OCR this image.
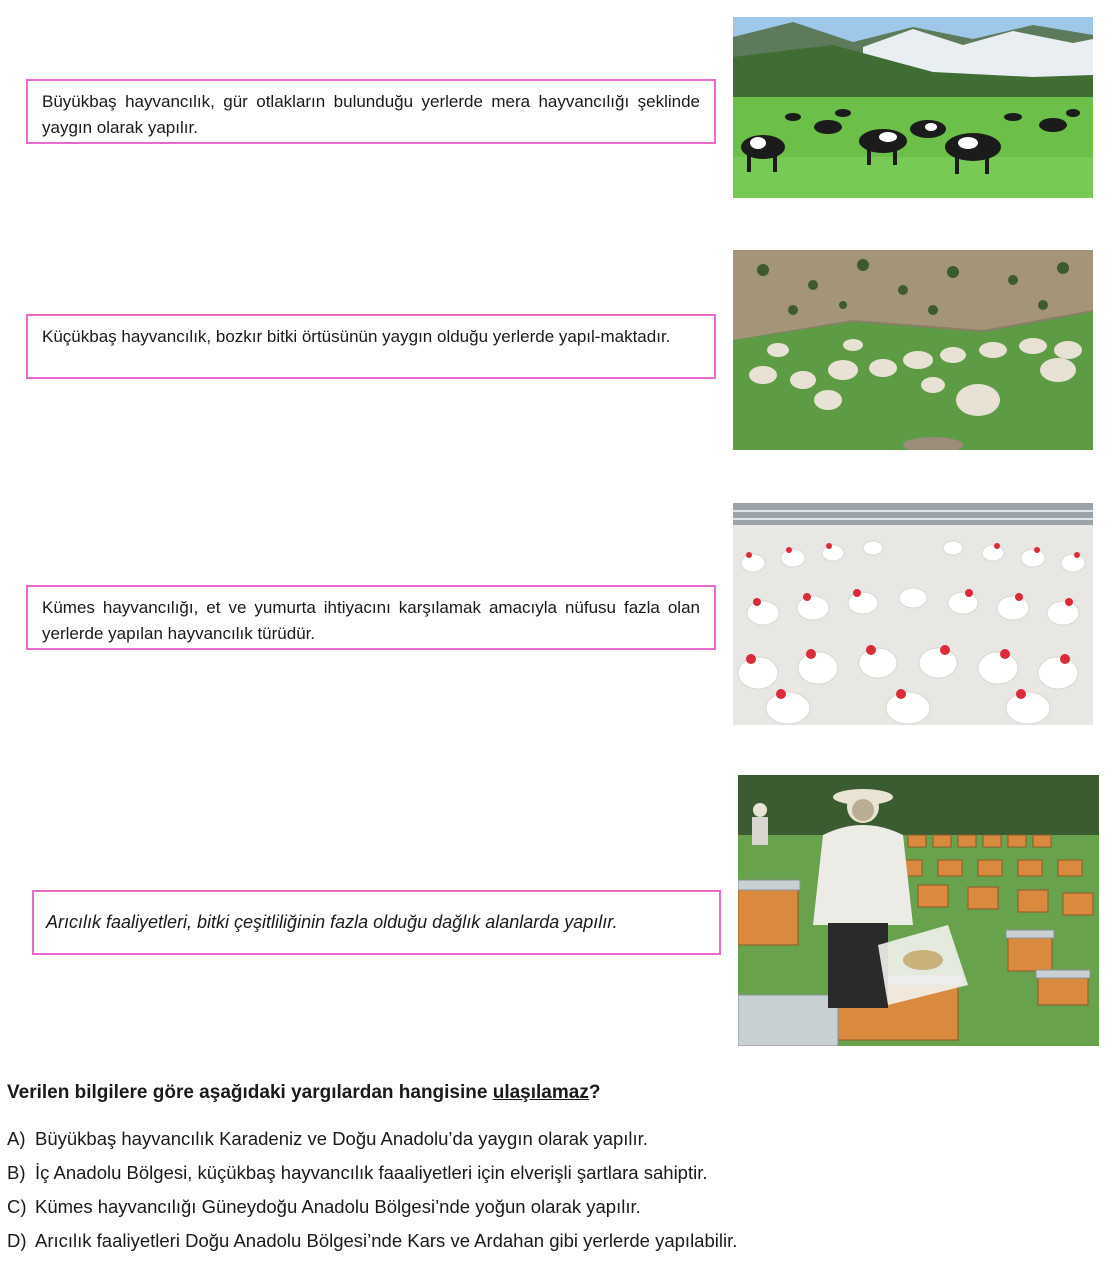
Büyükbaş hayvancılık, gür otlakların bulunduğu yerlerde mera hayvancılığı şeklinde yaygın olarak yapılır.
Küçükbaş hayvancılık, bozkır bitki örtüsünün yaygın olduğu yerlerde yapıl-maktadır.
Kümes hayvancılığı, et ve yumurta ihtiyacını karşılamak amacıyla nüfusu fazla olan yerlerde yapılan hayvancılık türüdür.
Arıcılık faaliyetleri, bitki çeşitliliğinin fazla olduğu dağlık alanlarda yapılır.
Verilen bilgilere göre aşağıdaki yargılardan hangisine ulaşılamaz?
A) Büyükbaş hayvancılık Karadeniz ve Doğu Anadolu’da yaygın olarak yapılır.
B) İç Anadolu Bölgesi, küçükbaş hayvancılık faaaliyetleri için elverişli şartlara sahiptir.
C) Kümes hayvancılığı Güneydoğu Anadolu Bölgesi’nde yoğun olarak yapılır.
D) Arıcılık faaliyetleri Doğu Anadolu Bölgesi’nde Kars ve Ardahan gibi yerlerde yapılabilir.
